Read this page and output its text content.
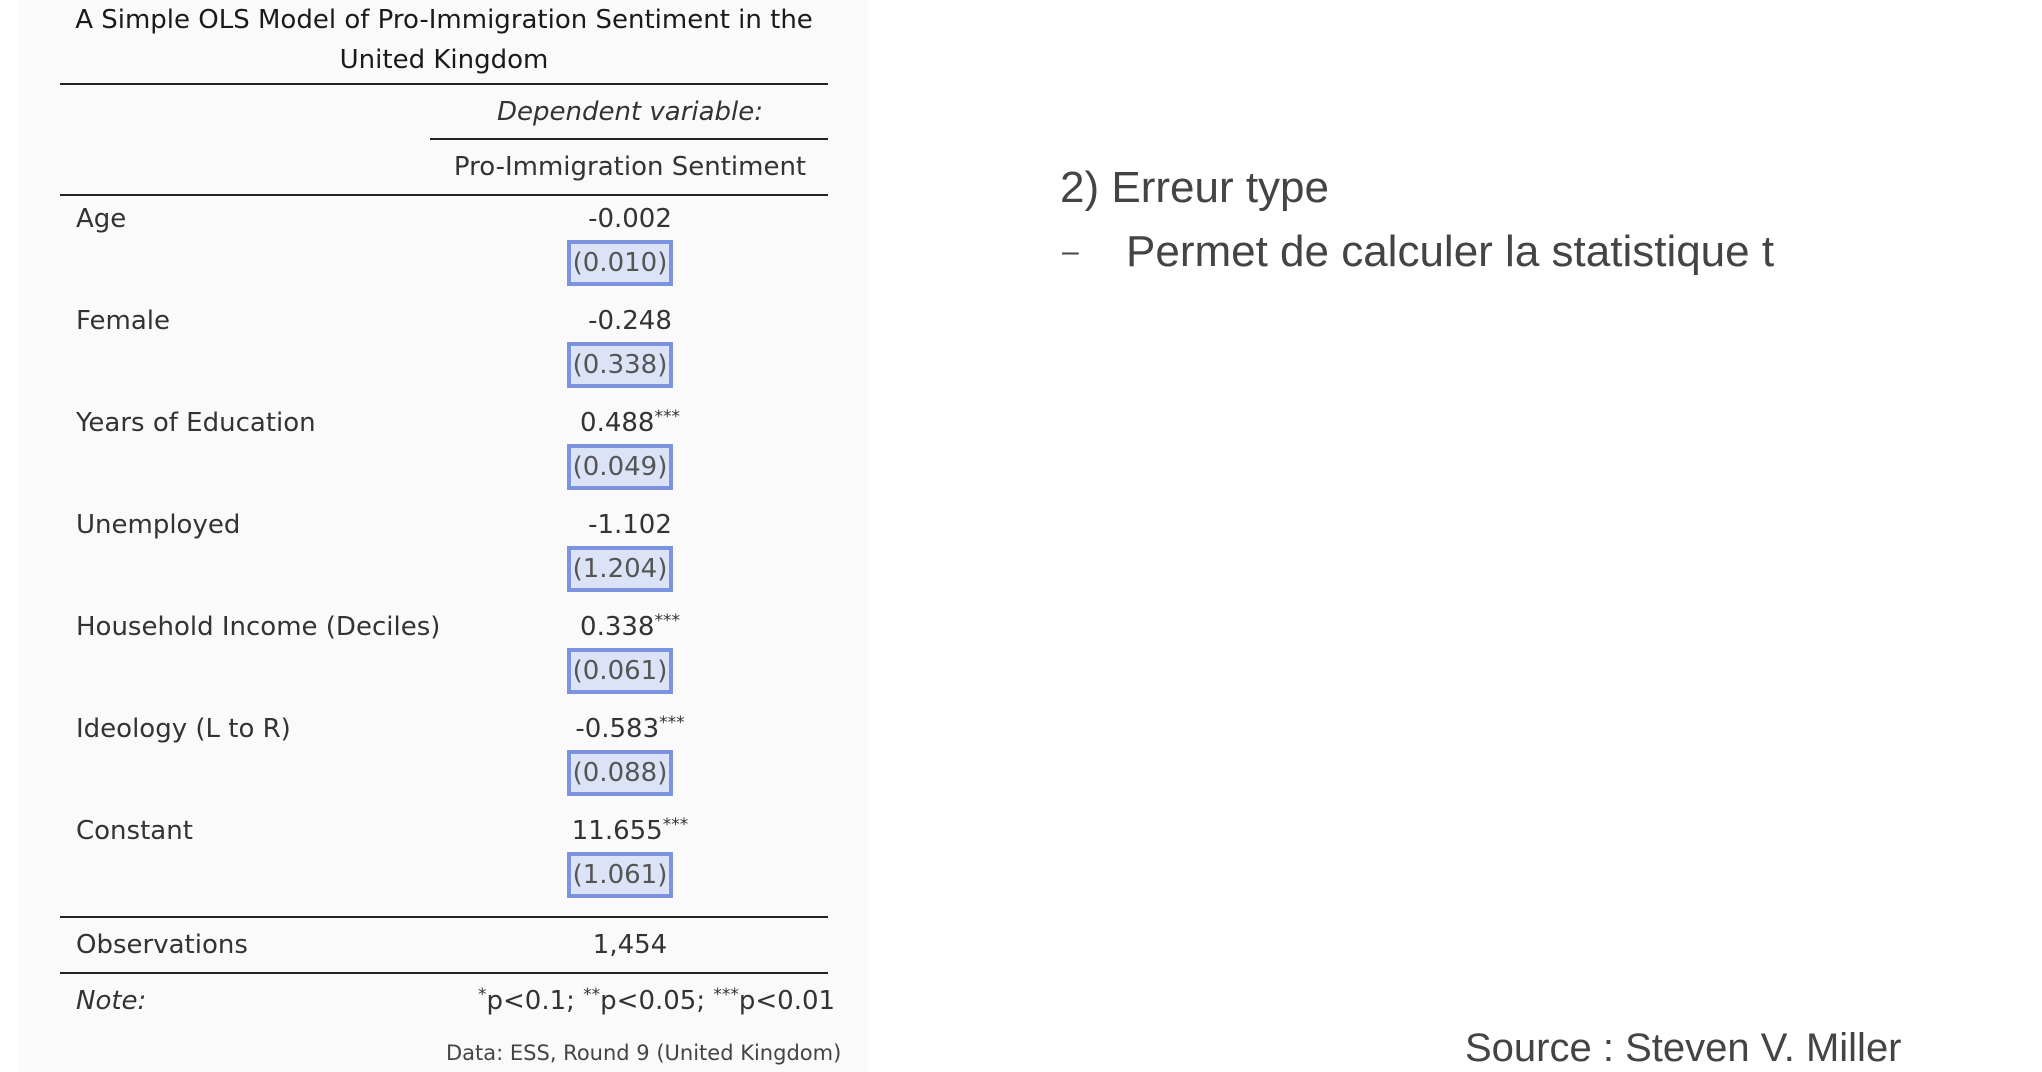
A Simple OLS Model of Pro-Immigration Sentiment in the United Kingdom
Dependent variable:
Pro-Immigration Sentiment
Age	-0.002
(0.010)
Female	-0.248
(0.338)
Years of Education	0.488***
(0.049)
Unemployed	-1.102
(1.204)
Household Income (Deciles)	0.338***
(0.061)
Ideology (L to R)	-0.583***
(0.088)
Constant	11.655***
(1.061)
Observations	1,454
Note:	*p<0.1; **p<0.05; ***p<0.01
Data: ESS, Round 9 (United Kingdom)
2) Erreur type
– Permet de calculer la statistique t
Source : Steven V. Miller
